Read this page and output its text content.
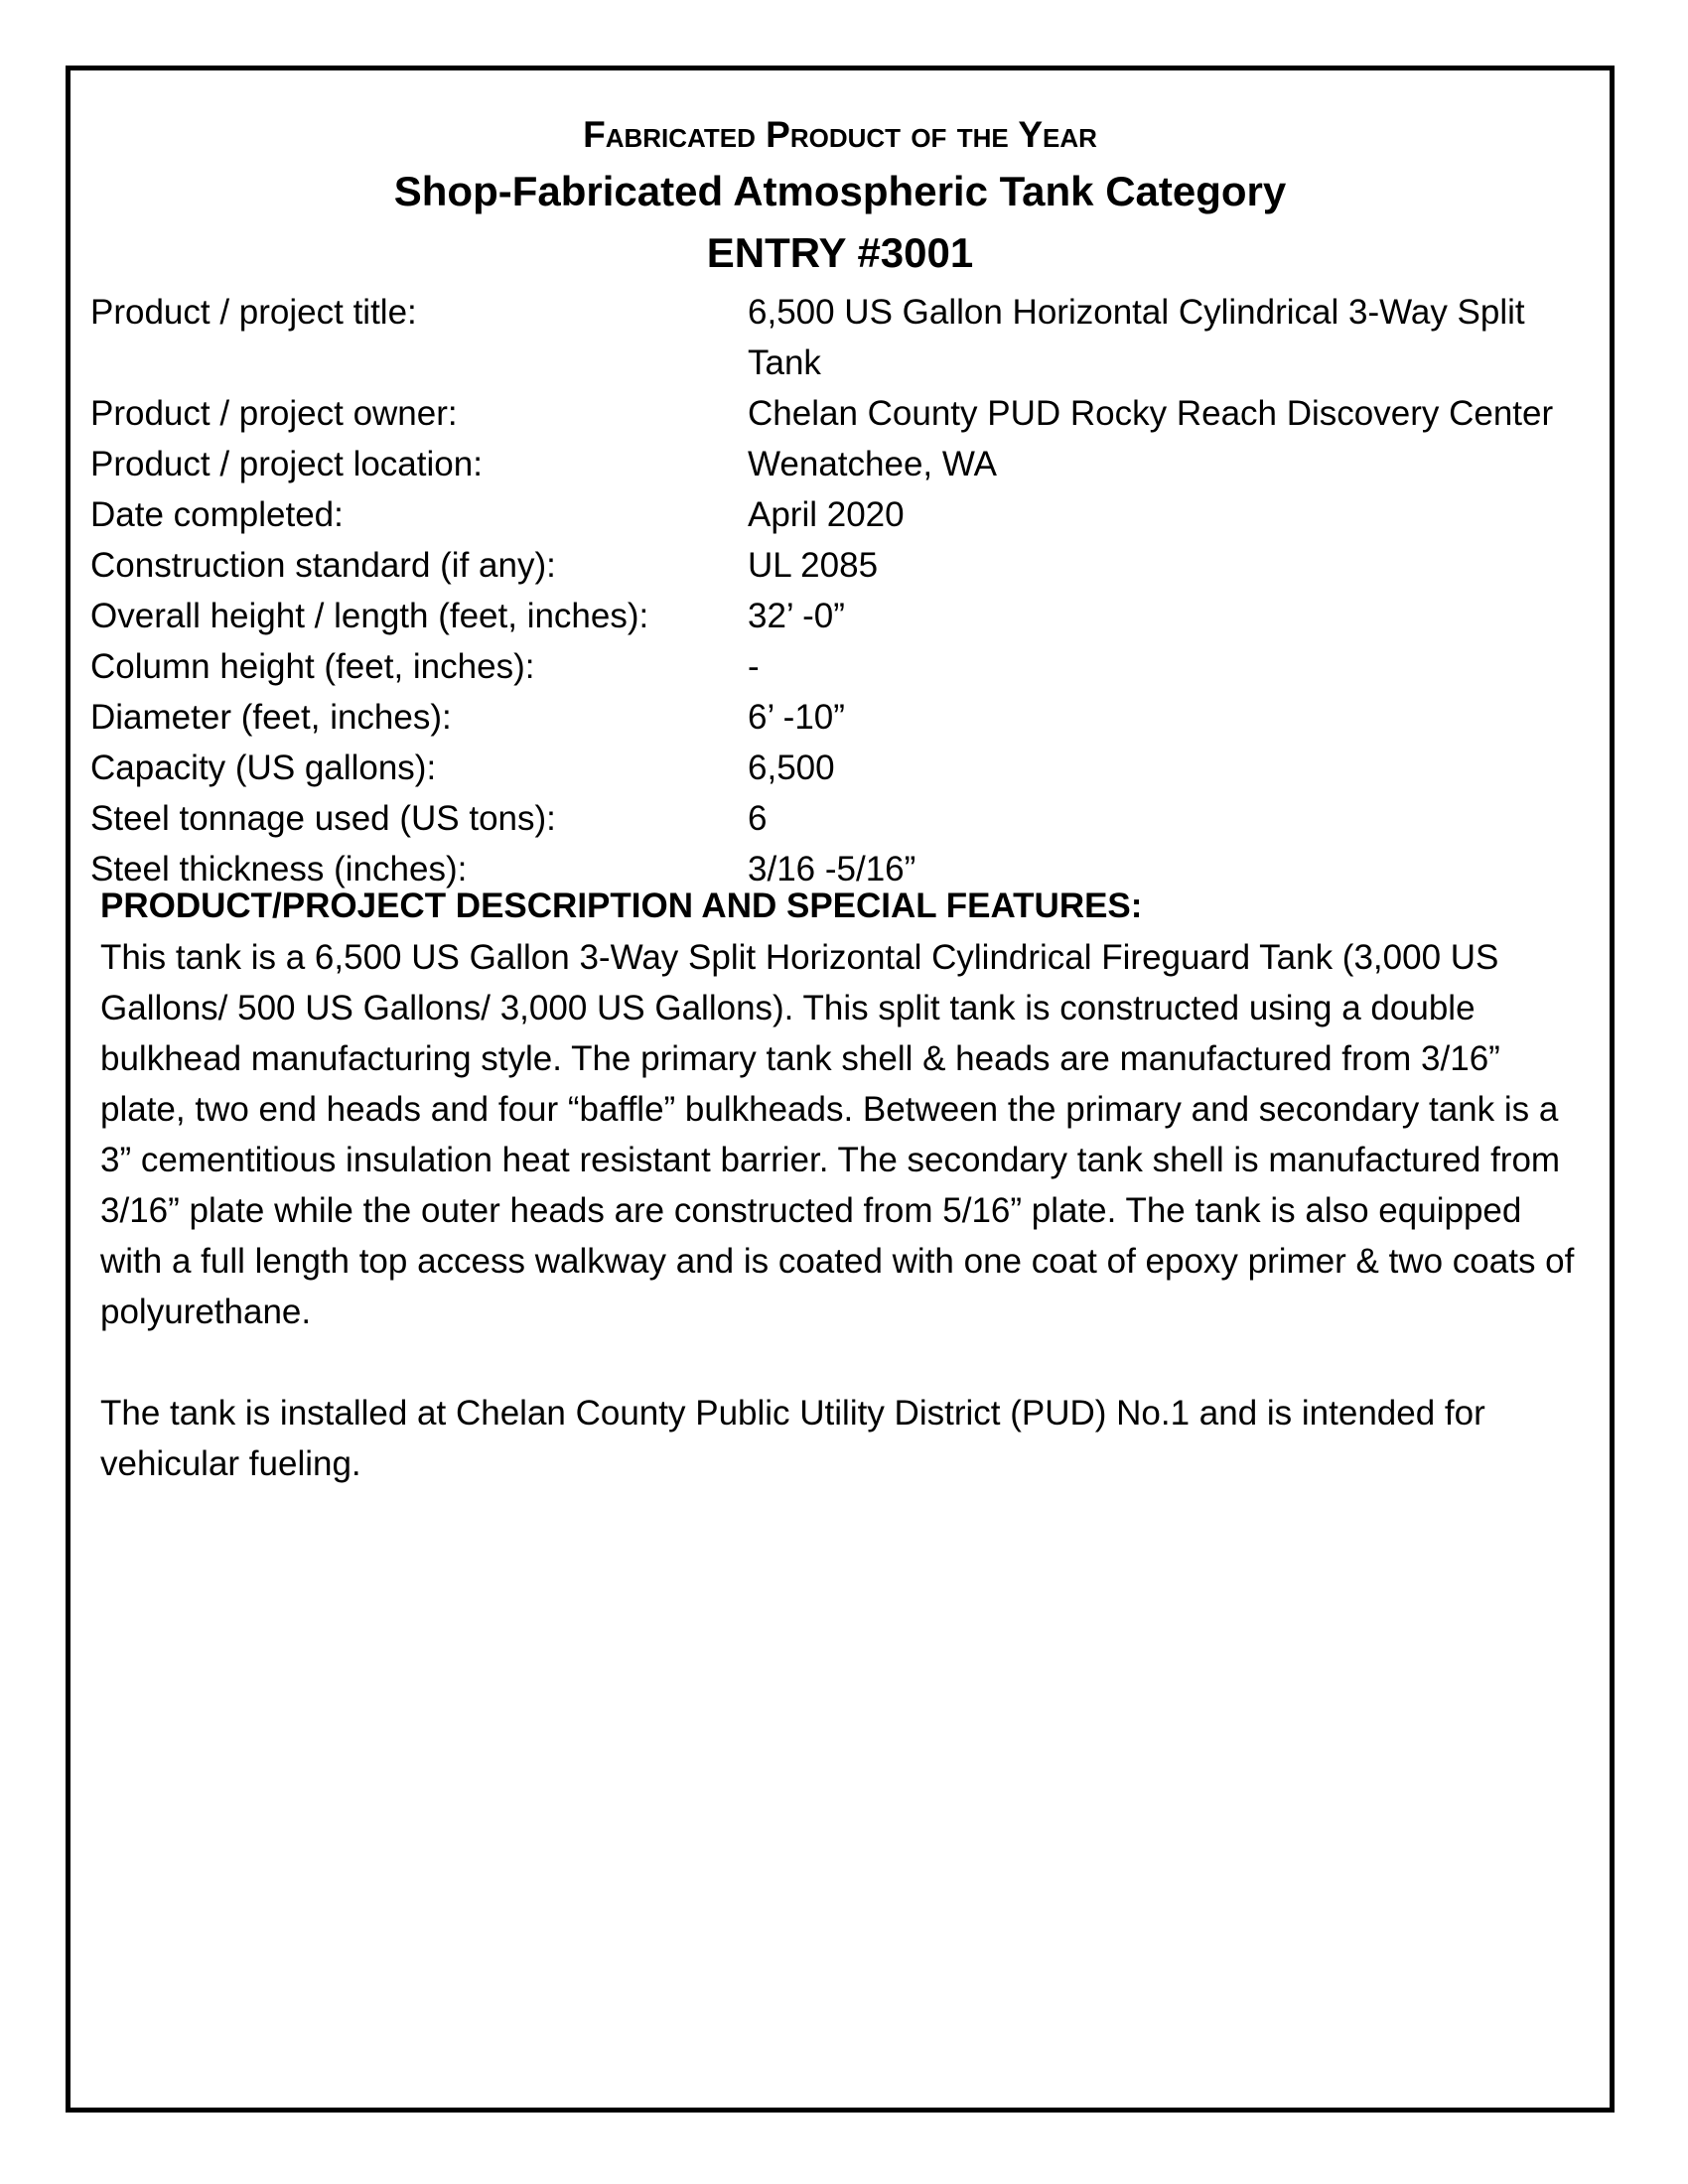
Fabricated Product of the Year
Shop-Fabricated Atmospheric Tank Category
ENTRY #3001
Product / project title:	6,500 US Gallon Horizontal Cylindrical 3-Way Split Tank
Product / project owner:	Chelan County PUD Rocky Reach Discovery Center
Product / project location:	Wenatchee, WA
Date completed:	April 2020
Construction standard (if any):	UL 2085
Overall height / length (feet, inches):	32’ -0”
Column height (feet, inches):	-
Diameter (feet, inches):	6’ -10”
Capacity (US gallons):	6,500
Steel tonnage used (US tons):	6
Steel thickness (inches):	3/16 -5/16”
PRODUCT/PROJECT DESCRIPTION AND SPECIAL FEATURES:

This tank is a 6,500 US Gallon 3-Way Split Horizontal Cylindrical Fireguard Tank (3,000 US Gallons/ 500 US Gallons/ 3,000 US Gallons). This split tank is constructed using a double bulkhead manufacturing style. The primary tank shell & heads are manufactured from 3/16” plate, two end heads and four “baffle” bulkheads. Between the primary and secondary tank is a 3” cementitious insulation heat resistant barrier. The secondary tank shell is manufactured from 3/16” plate while the outer heads are constructed from 5/16” plate. The tank is also equipped with a full length top access walkway and is coated with one coat of epoxy primer & two coats of polyurethane.

The tank is installed at Chelan County Public Utility District (PUD) No.1 and is intended for vehicular fueling.
